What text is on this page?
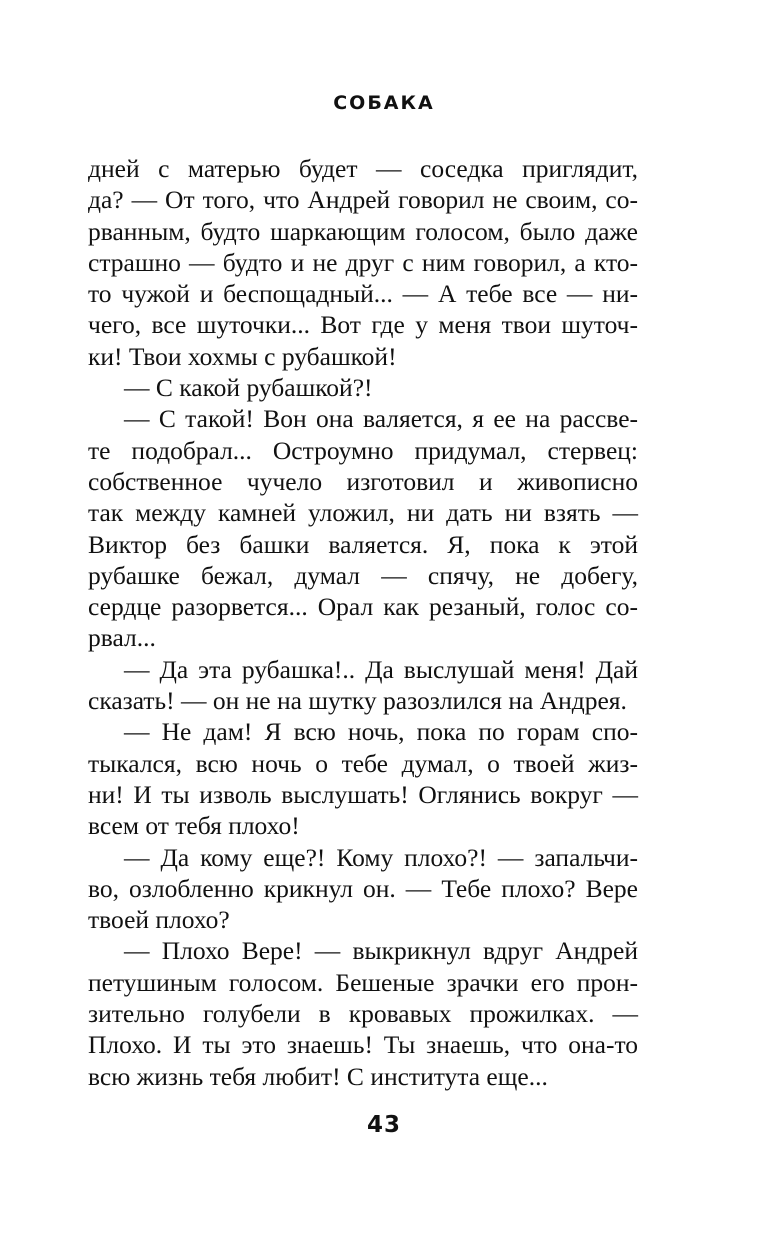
СОБАКА
дней с матерью будет — соседка приглядит,
да? — От того, что Андрей говорил не своим, со-
рванным, будто шаркающим голосом, было даже
страшно — будто и не друг с ним говорил, а кто-
то чужой и беспощадный... — А тебе все — ни-
чего, все шуточки... Вот где у меня твои шуточ-
ки! Твои хохмы с рубашкой!
— С какой рубашкой?!
— С такой! Вон она валяется, я ее на рассве-
те подобрал... Остроумно придумал, стервец:
собственное чучело изготовил и живописно
так между камней уложил, ни дать ни взять —
Виктор без башки валяется. Я, пока к этой
рубашке бежал, думал — спячу, не добегу,
сердце разорвется... Орал как резаный, голос со-
рвал...
— Да эта рубашка!.. Да выслушай меня! Дай
сказать! — он не на шутку разозлился на Андрея.
— Не дам! Я всю ночь, пока по горам спо-
тыкался, всю ночь о тебе думал, о твоей жиз-
ни! И ты изволь выслушать! Оглянись вокруг —
всем от тебя плохо!
— Да кому еще?! Кому плохо?! — запальчи-
во, озлобленно крикнул он. — Тебе плохо? Вере
твоей плохо?
— Плохо Вере! — выкрикнул вдруг Андрей
петушиным голосом. Бешеные зрачки его прон-
зительно голубели в кровавых прожилках. —
Плохо. И ты это знаешь! Ты знаешь, что она-то
всю жизнь тебя любит! С института еще...
43
